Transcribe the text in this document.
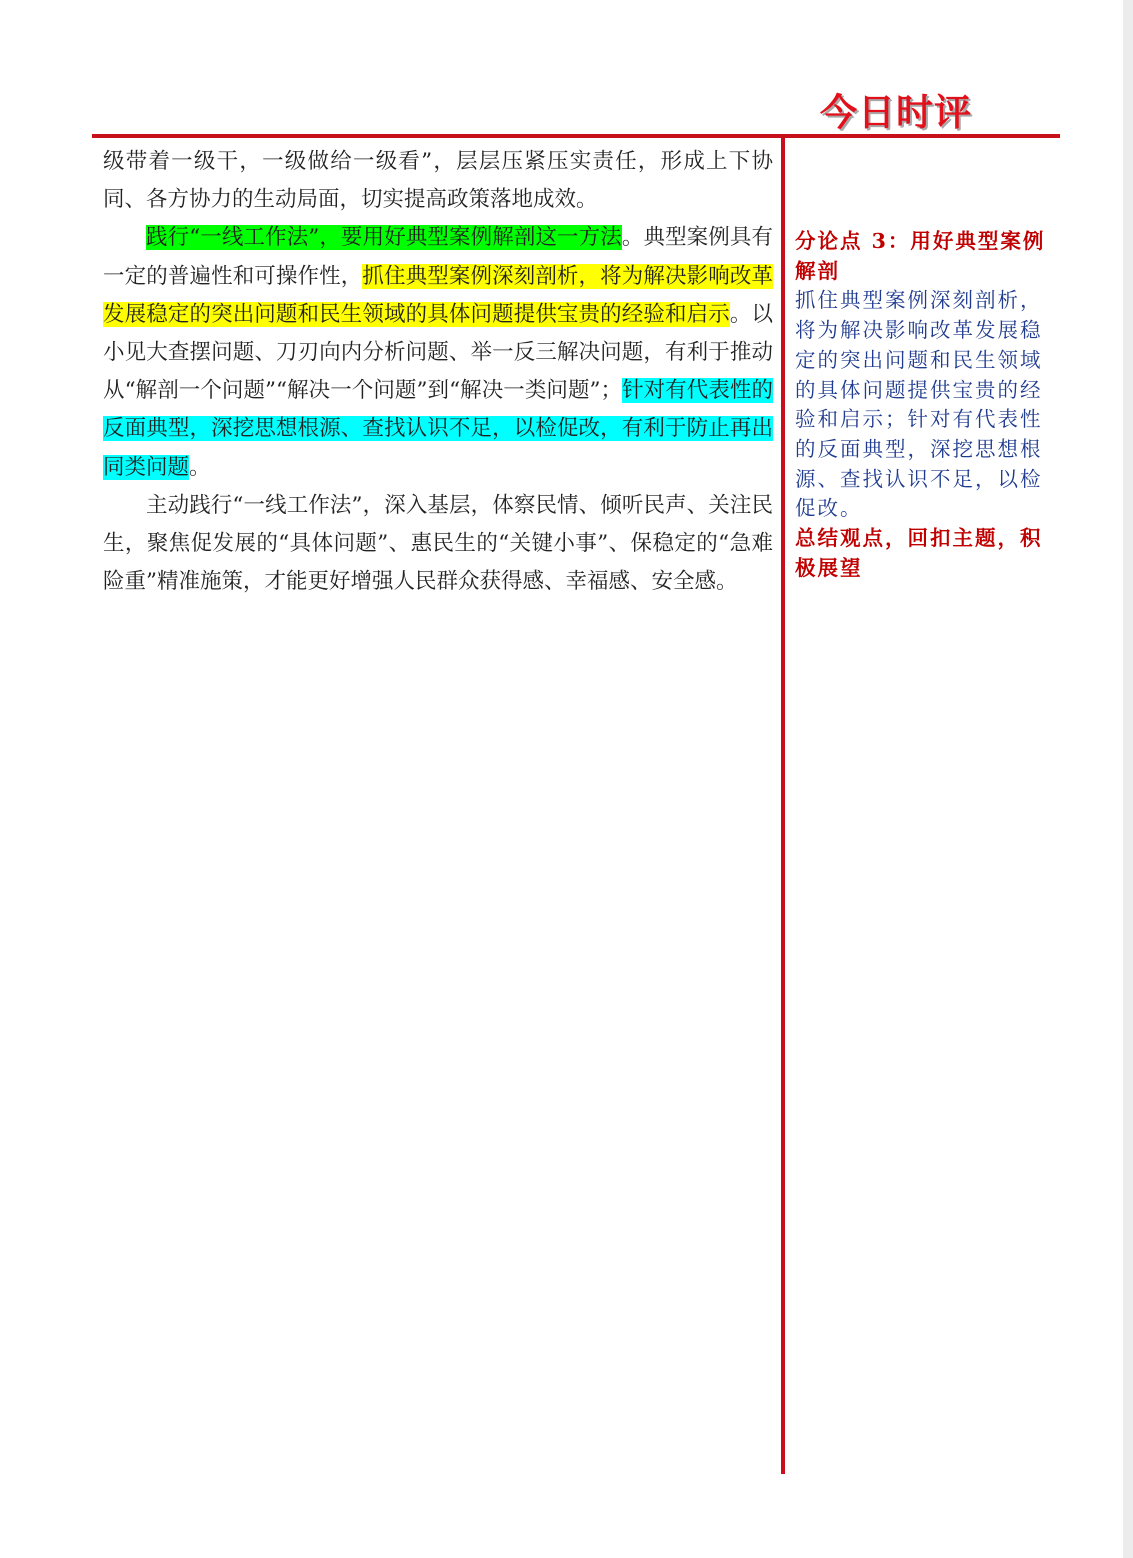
今日时评

级带着一级干，一级做给一级看”，层层压紧压实责任，形成上下协同、各方协力的生动局面，切实提高政策落地成效。

践行“一线工作法”，要用好典型案例解剖这一方法。典型案例具有一定的普遍性和可操作性，抓住典型案例深刻剖析，将为解决影响改革发展稳定的突出问题和民生领域的具体问题提供宝贵的经验和启示。以小见大查摆问题、刀刃向内分析问题、举一反三解决问题，有利于推动从“解剖一个问题”“解决一个问题”到“解决一类问题”；针对有代表性的反面典型，深挖思想根源、查找认识不足，以检促改，有利于防止再出同类问题。

主动践行“一线工作法”，深入基层，体察民情、倾听民声、关注民生，聚焦促发展的“具体问题”、惠民生的“关键小事”、保稳定的“急难险重”精准施策，才能更好增强人民群众获得感、幸福感、安全感。

分论点 3：用好典型案例解剖

抓住典型案例深刻剖析，将为解决影响改革发展稳定的突出问题和民生领域的具体问题提供宝贵的经验和启示；针对有代表性的反面典型，深挖思想根源、查找认识不足，以检促改。

总结观点，回扣主题，积极展望
